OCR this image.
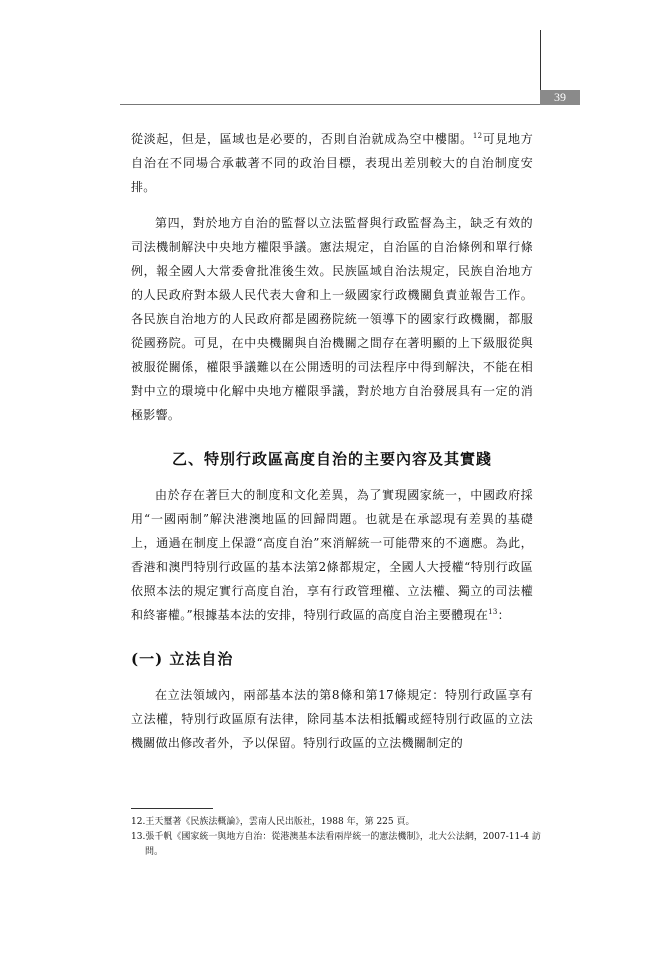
39

從淡起，但是，區域也是必要的，否則自治就成為空中樓閣。$^{12}$可見地方自治在不同場合承載著不同的政治目標，表現出差別較大的自治制度安排。

第四，對於地方自治的監督以立法監督與行政監督為主，缺乏有效的司法機制解決中央地方權限爭議。憲法規定，自治區的自治條例和單行條例，報全國人大常委會批准後生效。民族區域自治法規定，民族自治地方的人民政府對本級人民代表大會和上一級國家行政機關負責並報告工作。各民族自治地方的人民政府都是國務院統一領導下的國家行政機關，都服從國務院。可見，在中央機關與自治機關之間存在著明顯的上下級服從與被服從關係，權限爭議難以在公開透明的司法程序中得到解決，不能在相對中立的環境中化解中央地方權限爭議，對於地方自治發展具有一定的消極影響。

乙、特別行政區高度自治的主要內容及其實踐

由於存在著巨大的制度和文化差異，為了實現國家統一，中國政府採用“一國兩制”解決港澳地區的回歸問題。也就是在承認現有差異的基礎上，通過在制度上保證“高度自治”來消解統一可能帶來的不適應。為此，香港和澳門特別行政區的基本法第2條都規定，全國人大授權“特別行政區依照本法的規定實行高度自治，享有行政管理權、立法權、獨立的司法權和終審權。”根據基本法的安排，特別行政區的高度自治主要體現在$^{13}$：

(一) 立法自治

在立法領域內，兩部基本法的第8條和第17條規定：特別行政區享有立法權，特別行政區原有法律，除同基本法相抵觸或經特別行政區的立法機關做出修改者外，予以保留。特別行政區的立法機關制定的

12.王天璽著《民族法概論》，雲南人民出版社，1988 年，第 225 頁。

13.張千帆《國家統一與地方自治：從港澳基本法看兩岸統一的憲法機制》，北大公法網，2007-11-4 訪問。
